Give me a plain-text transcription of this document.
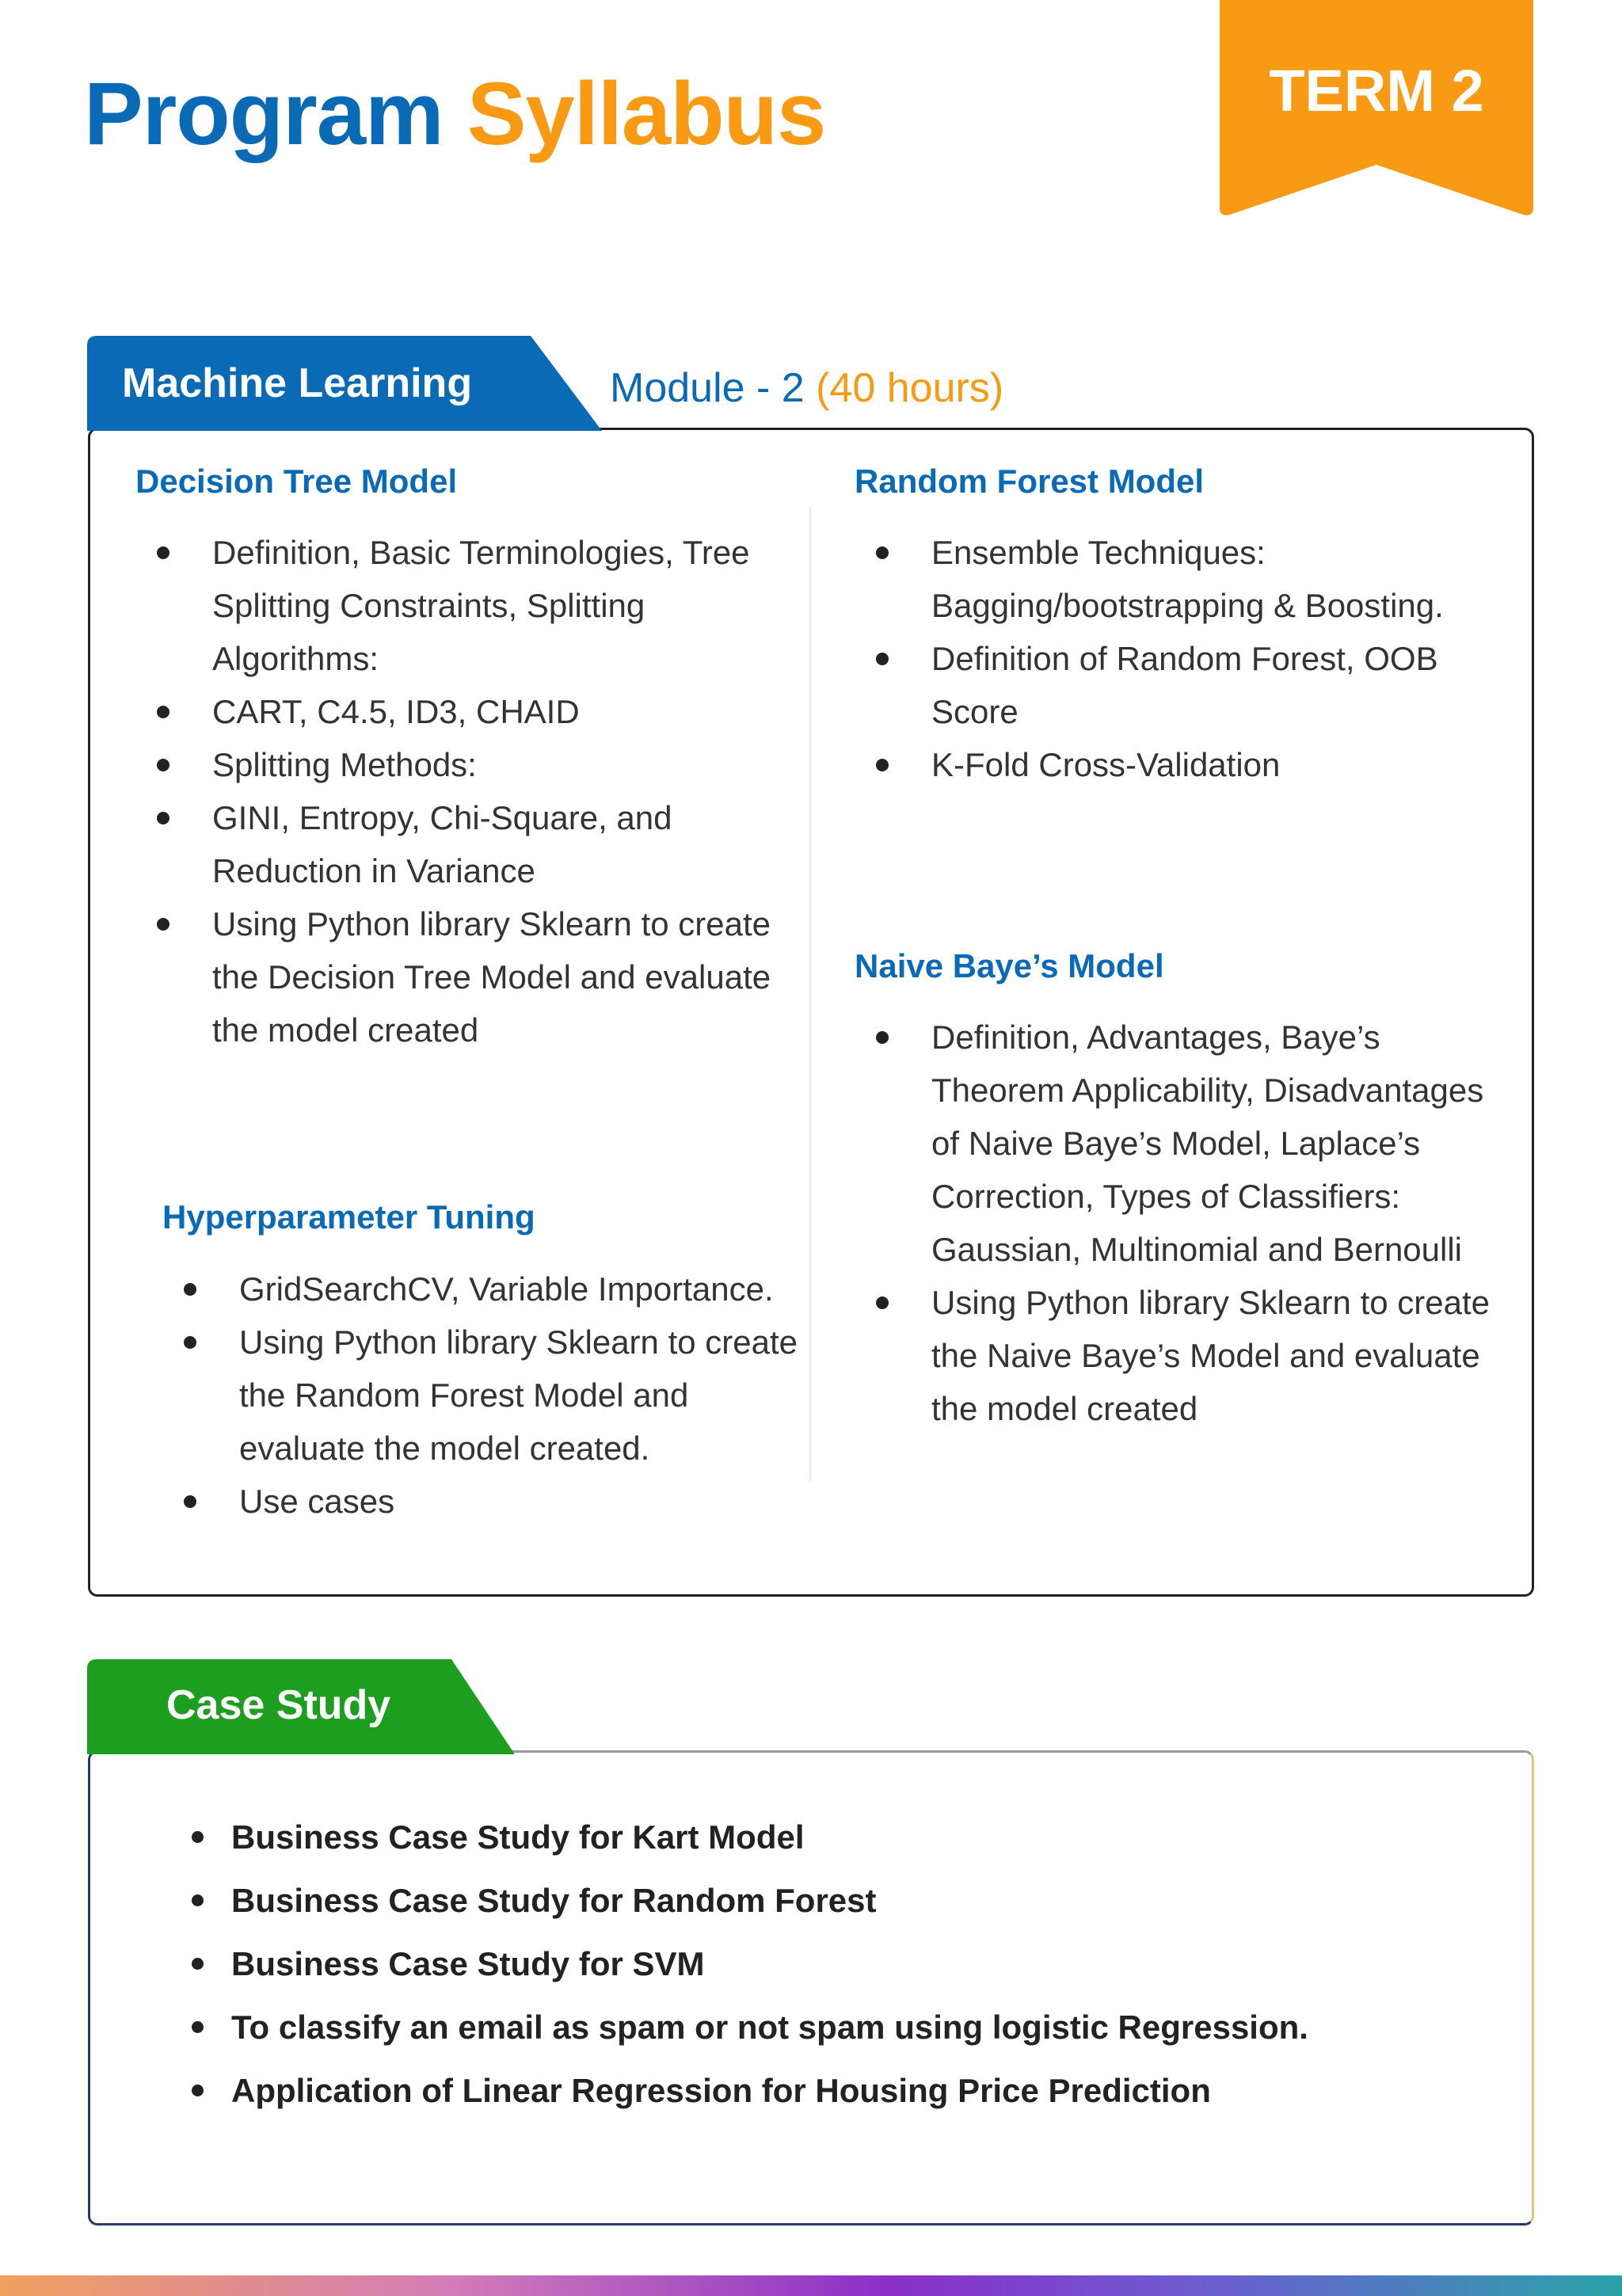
Program Syllabus	TERM 2
Machine Learning	Module - 2 (40 hours)
Decision Tree Model
Definition, Basic Terminologies, Tree Splitting Constraints, Splitting Algorithms:
CART, C4.5, ID3, CHAID
Splitting Methods:
GINI, Entropy, Chi-Square, and Reduction in Variance
Using Python library Sklearn to create the Decision Tree Model and evaluate the model created
Hyperparameter Tuning
GridSearchCV, Variable Importance.
Using Python library Sklearn to create the Random Forest Model and evaluate the model created.
Use cases
Random Forest Model
Ensemble Techniques: Bagging/bootstrapping & Boosting.
Definition of Random Forest, OOB Score
K-Fold Cross-Validation
Naive Baye’s Model
Definition, Advantages, Baye’s Theorem Applicability, Disadvantages of Naive Baye’s Model, Laplace’s Correction, Types of Classifiers: Gaussian, Multinomial and Bernoulli
Using Python library Sklearn to create the Naive Baye’s Model and evaluate the model created
Case Study
Business Case Study for Kart Model
Business Case Study for Random Forest
Business Case Study for SVM
To classify an email as spam or not spam using logistic Regression.
Application of Linear Regression for Housing Price Prediction
